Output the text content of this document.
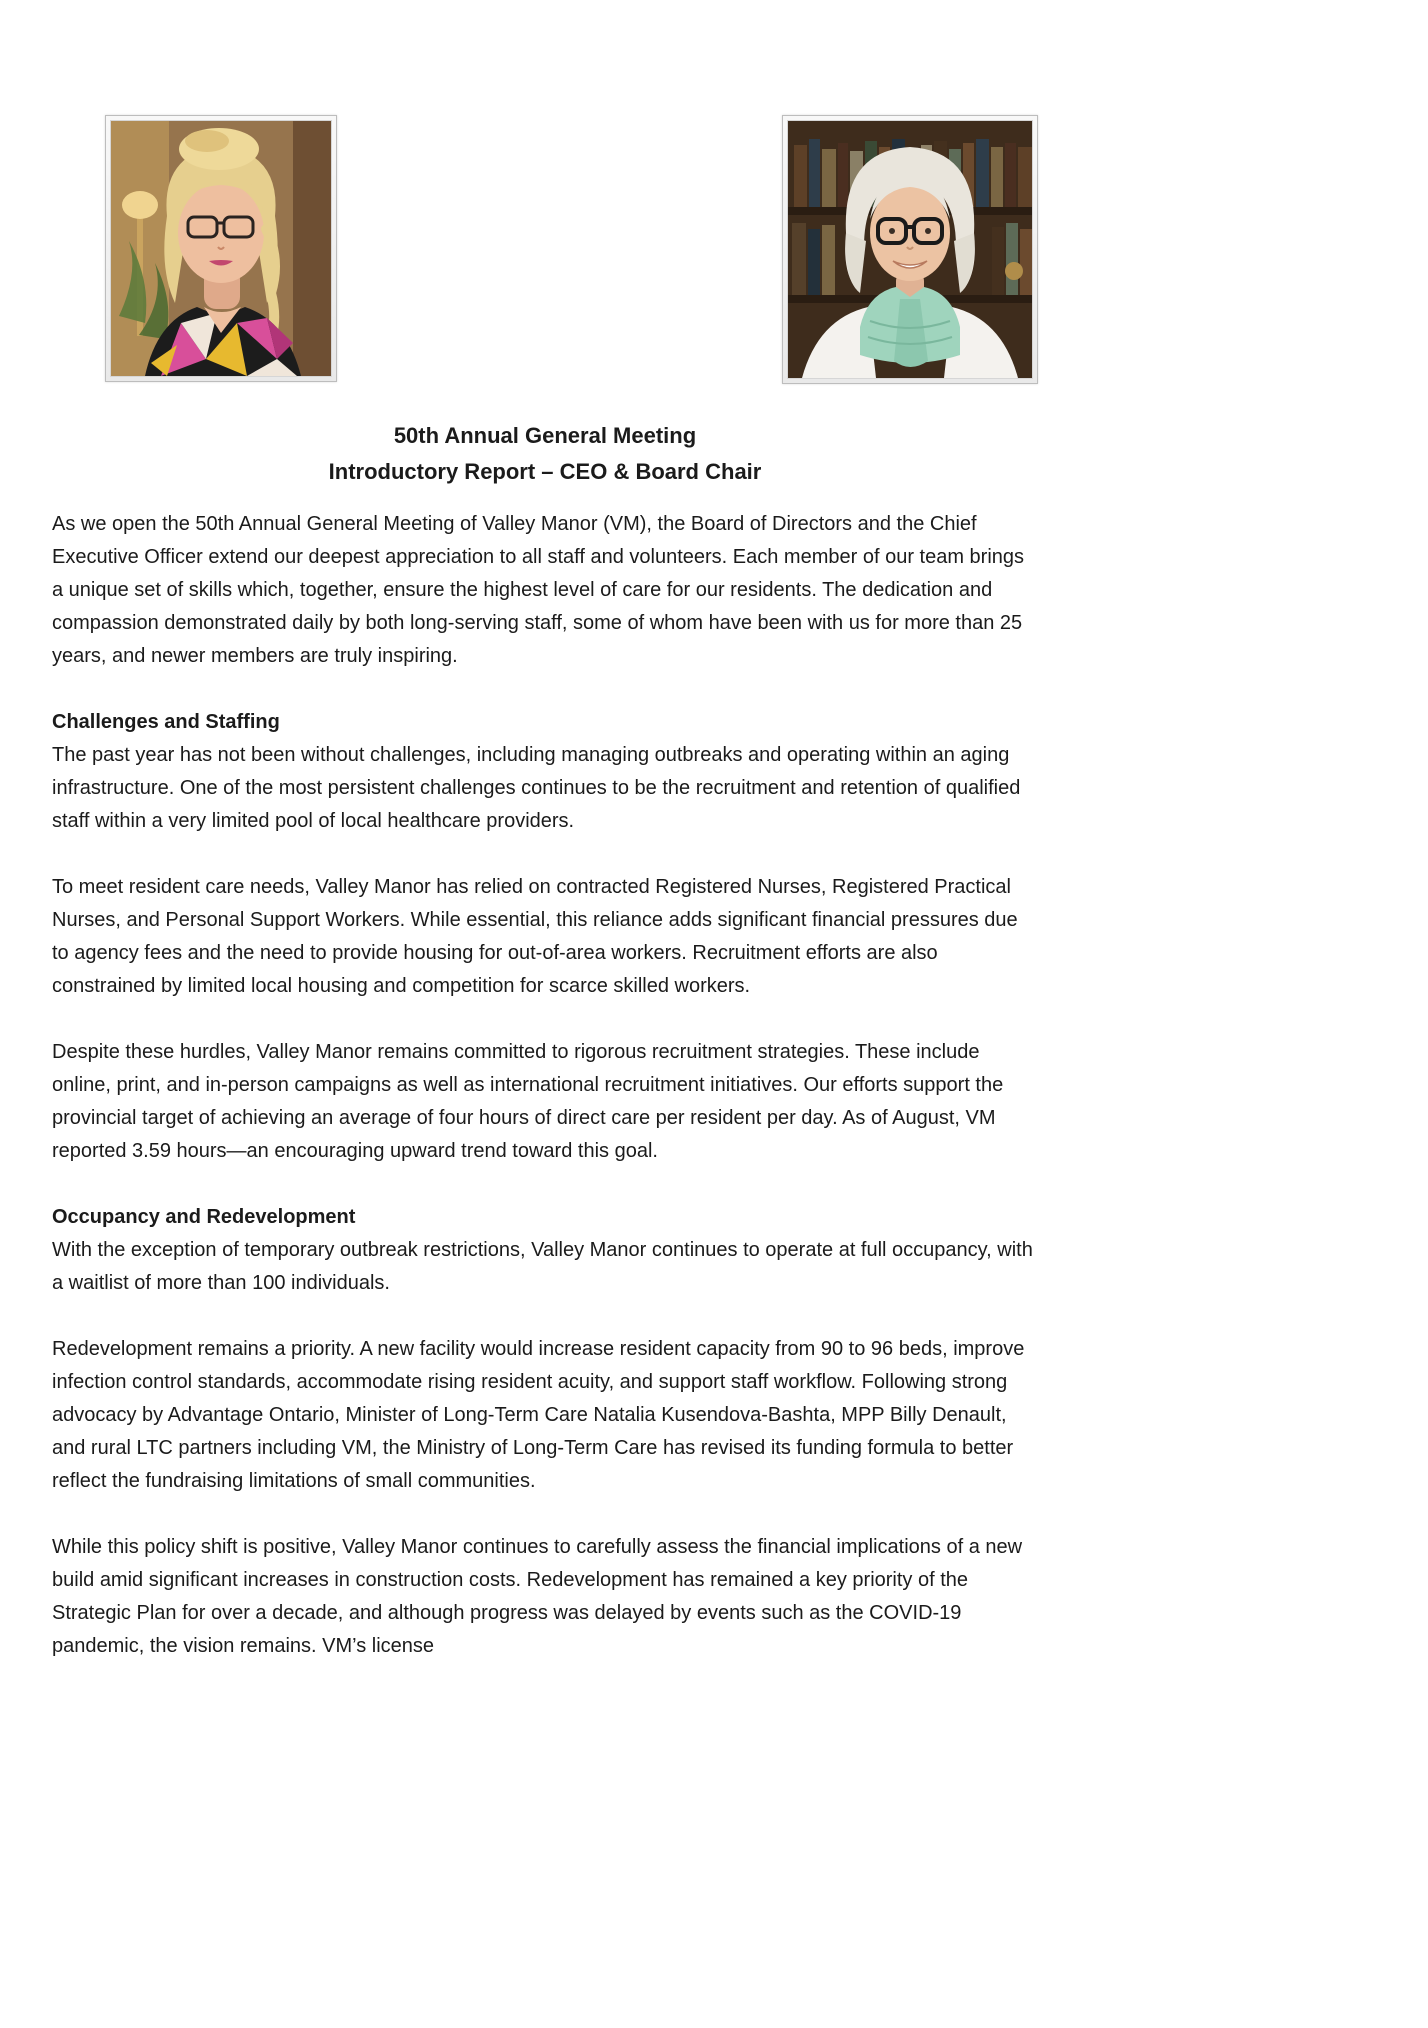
50th Annual General Meeting
Introductory Report – CEO & Board Chair

As we open the 50th Annual General Meeting of Valley Manor (VM), the Board of Directors and the Chief Executive Officer extend our deepest appreciation to all staff and volunteers. Each member of our team brings a unique set of skills which, together, ensure the highest level of care for our residents. The dedication and compassion demonstrated daily by both long-serving staff, some of whom have been with us for more than 25 years, and newer members are truly inspiring.

Challenges and Staffing

The past year has not been without challenges, including managing outbreaks and operating within an aging infrastructure. One of the most persistent challenges continues to be the recruitment and retention of qualified staff within a very limited pool of local healthcare providers.

To meet resident care needs, Valley Manor has relied on contracted Registered Nurses, Registered Practical Nurses, and Personal Support Workers. While essential, this reliance adds significant financial pressures due to agency fees and the need to provide housing for out-of-area workers. Recruitment efforts are also constrained by limited local housing and competition for scarce skilled workers.

Despite these hurdles, Valley Manor remains committed to rigorous recruitment strategies. These include online, print, and in-person campaigns as well as international recruitment initiatives. Our efforts support the provincial target of achieving an average of four hours of direct care per resident per day. As of August, VM reported 3.59 hours—an encouraging upward trend toward this goal.

Occupancy and Redevelopment

With the exception of temporary outbreak restrictions, Valley Manor continues to operate at full occupancy, with a waitlist of more than 100 individuals.

Redevelopment remains a priority. A new facility would increase resident capacity from 90 to 96 beds, improve infection control standards, accommodate rising resident acuity, and support staff workflow. Following strong advocacy by Advantage Ontario, Minister of Long-Term Care Natalia Kusendova-Bashta, MPP Billy Denault, and rural LTC partners including VM, the Ministry of Long-Term Care has revised its funding formula to better reflect the fundraising limitations of small communities.

While this policy shift is positive, Valley Manor continues to carefully assess the financial implications of a new build amid significant increases in construction costs. Redevelopment has remained a key priority of the Strategic Plan for over a decade, and although progress was delayed by events such as the COVID-19 pandemic, the vision remains. VM’s license
